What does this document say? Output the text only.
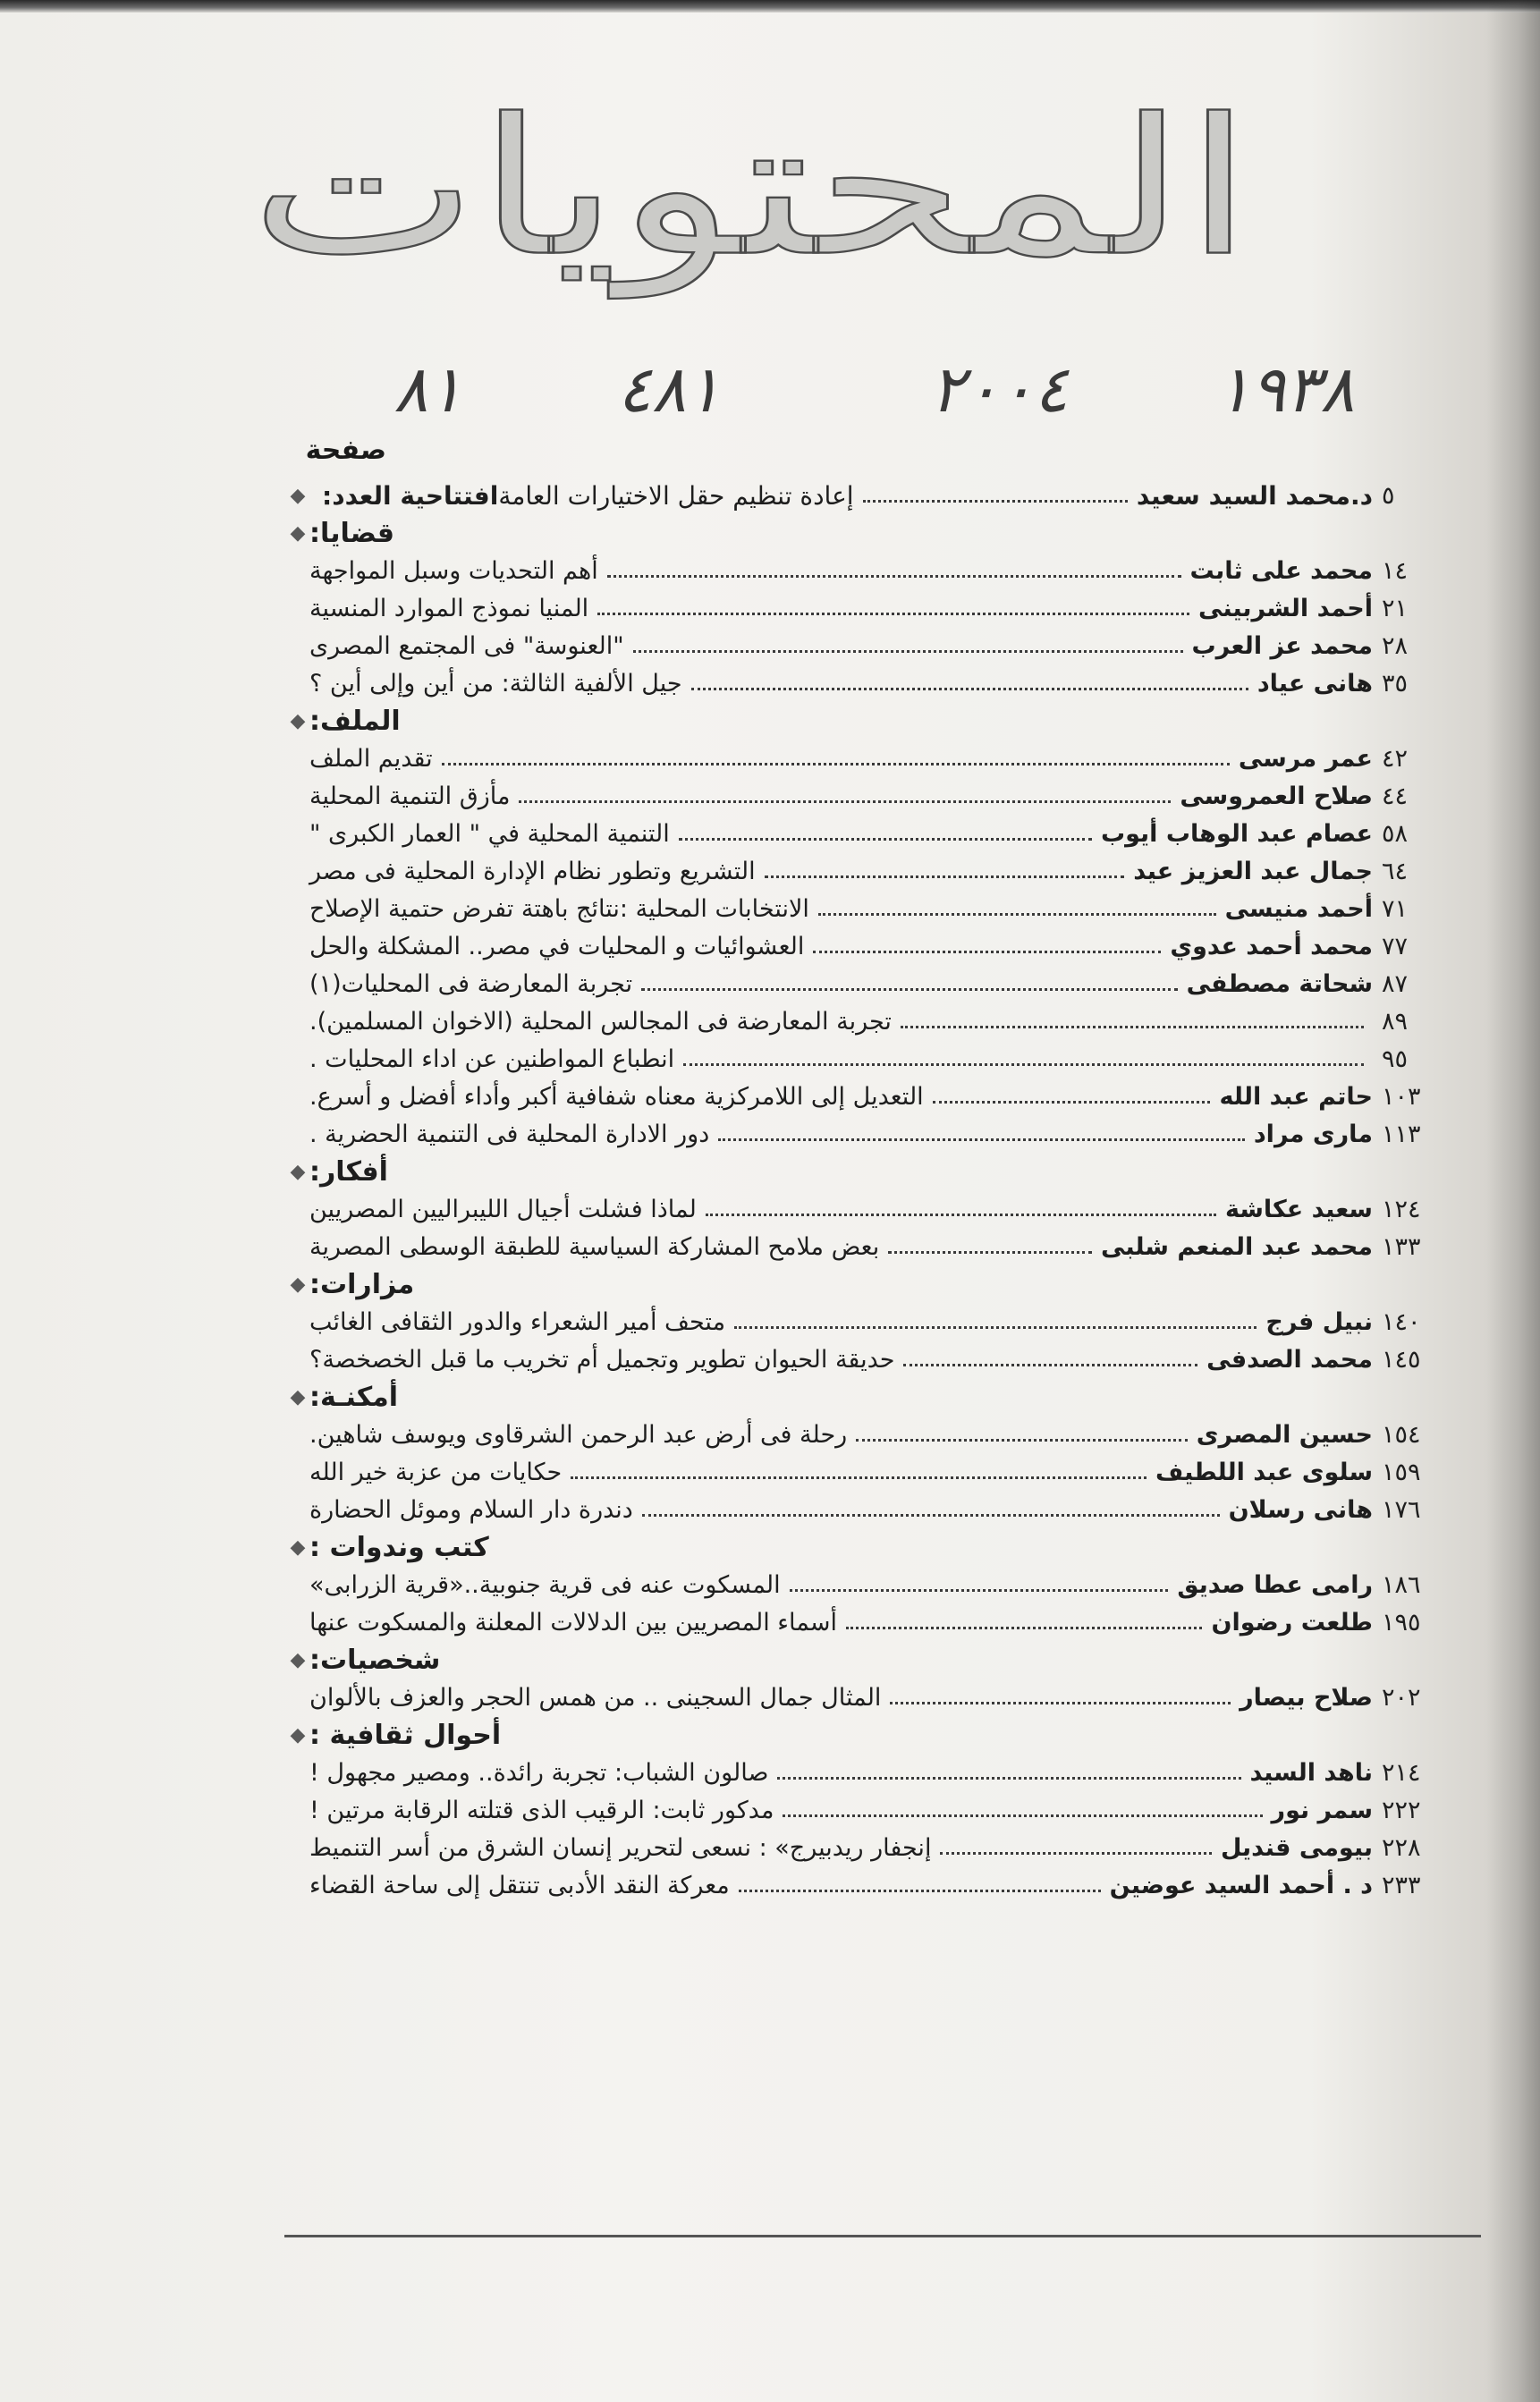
المحتويات
١٩٣٨
٢٠٠٤
٤٨١
٨١
صفحة
◆ افتتاحية العدد: إعادة تنظيم حقل الاختيارات العامة	د.محمد السيد سعيد ٥
◆ قضايا:
أهم التحديات وسبل المواجهة	محمد على ثابت ١٤
المنيا نموذج الموارد المنسية	أحمد الشربينى ٢١
"العنوسة" فى المجتمع المصرى	محمد عز العرب ٢٨
جيل الألفية الثالثة: من أين وإلى أين ؟	هانى عياد ٣٥
◆ الملف:
تقديم الملف	عمر مرسى ٤٢
مأزق التنمية المحلية	صلاح العمروسى ٤٤
التنمية المحلية في " العمار الكبرى "	عصام عبد الوهاب أيوب ٥٨
التشريع وتطور نظام الإدارة المحلية فى مصر	جمال عبد العزيز عيد ٦٤
الانتخابات المحلية :نتائج باهتة تفرض حتمية الإصلاح	أحمد منيسى ٧١
العشوائيات و المحليات في مصر.. المشكلة والحل	محمد أحمد عدوي ٧٧
تجربة المعارضة فى المحليات(١)	شحاتة مصطفى ٨٧
تجربة المعارضة فى المجالس المحلية (الاخوان المسلمين).	٨٩
انطباع المواطنين عن اداء المحليات .	٩٥
التعديل إلى اللامركزية معناه شفافية أكبر وأداء أفضل و أسرع.	حاتم عبد الله ١٠٣
دور الادارة المحلية فى التنمية الحضرية .	مارى مراد ١١٣
◆ أفكار:
لماذا فشلت أجيال الليبراليين المصريين	سعيد عكاشة ١٢٤
بعض ملامح المشاركة السياسية للطبقة الوسطى المصرية	محمد عبد المنعم شلبى ١٣٣
◆ مزارات:
متحف أمير الشعراء والدور الثقافى الغائب	نبيل فرج ١٤٠
حديقة الحيوان تطوير وتجميل أم تخريب ما قبل الخصخصة؟	محمد الصدفى ١٤٥
◆ أمكنـة:
رحلة فى أرض عبد الرحمن الشرقاوى ويوسف شاهين.	حسين المصرى ١٥٤
حكايات من عزبة خير الله	سلوى عبد اللطيف ١٥٩
دندرة دار السلام وموئل الحضارة	هانى رسلان ١٧٦
◆ كتب وندوات :
المسكوت عنه فى قرية جنوبية..«قرية الزرابى»	رامى عطا صديق ١٨٦
أسماء المصريين بين الدلالات المعلنة والمسكوت عنها	طلعت رضوان ١٩٥
◆ شخصيات:
المثال جمال السجينى .. من همس الحجر والعزف بالألوان	صلاح بيصار ٢٠٢
◆ أحوال ثقافية :
صالون الشباب: تجربة رائدة.. ومصير مجهول !	ناهد السيد ٢١٤
مدكور ثابت: الرقيب الذى قتلته الرقابة مرتين !	سمر نور ٢٢٢
إنجفار ريدبيرج» : نسعى لتحرير إنسان الشرق من أسر التنميط	بيومى قنديل ٢٢٨
معركة النقد الأدبى تنتقل إلى ساحة القضاء	د . أحمد السيد عوضين ٢٣٣
